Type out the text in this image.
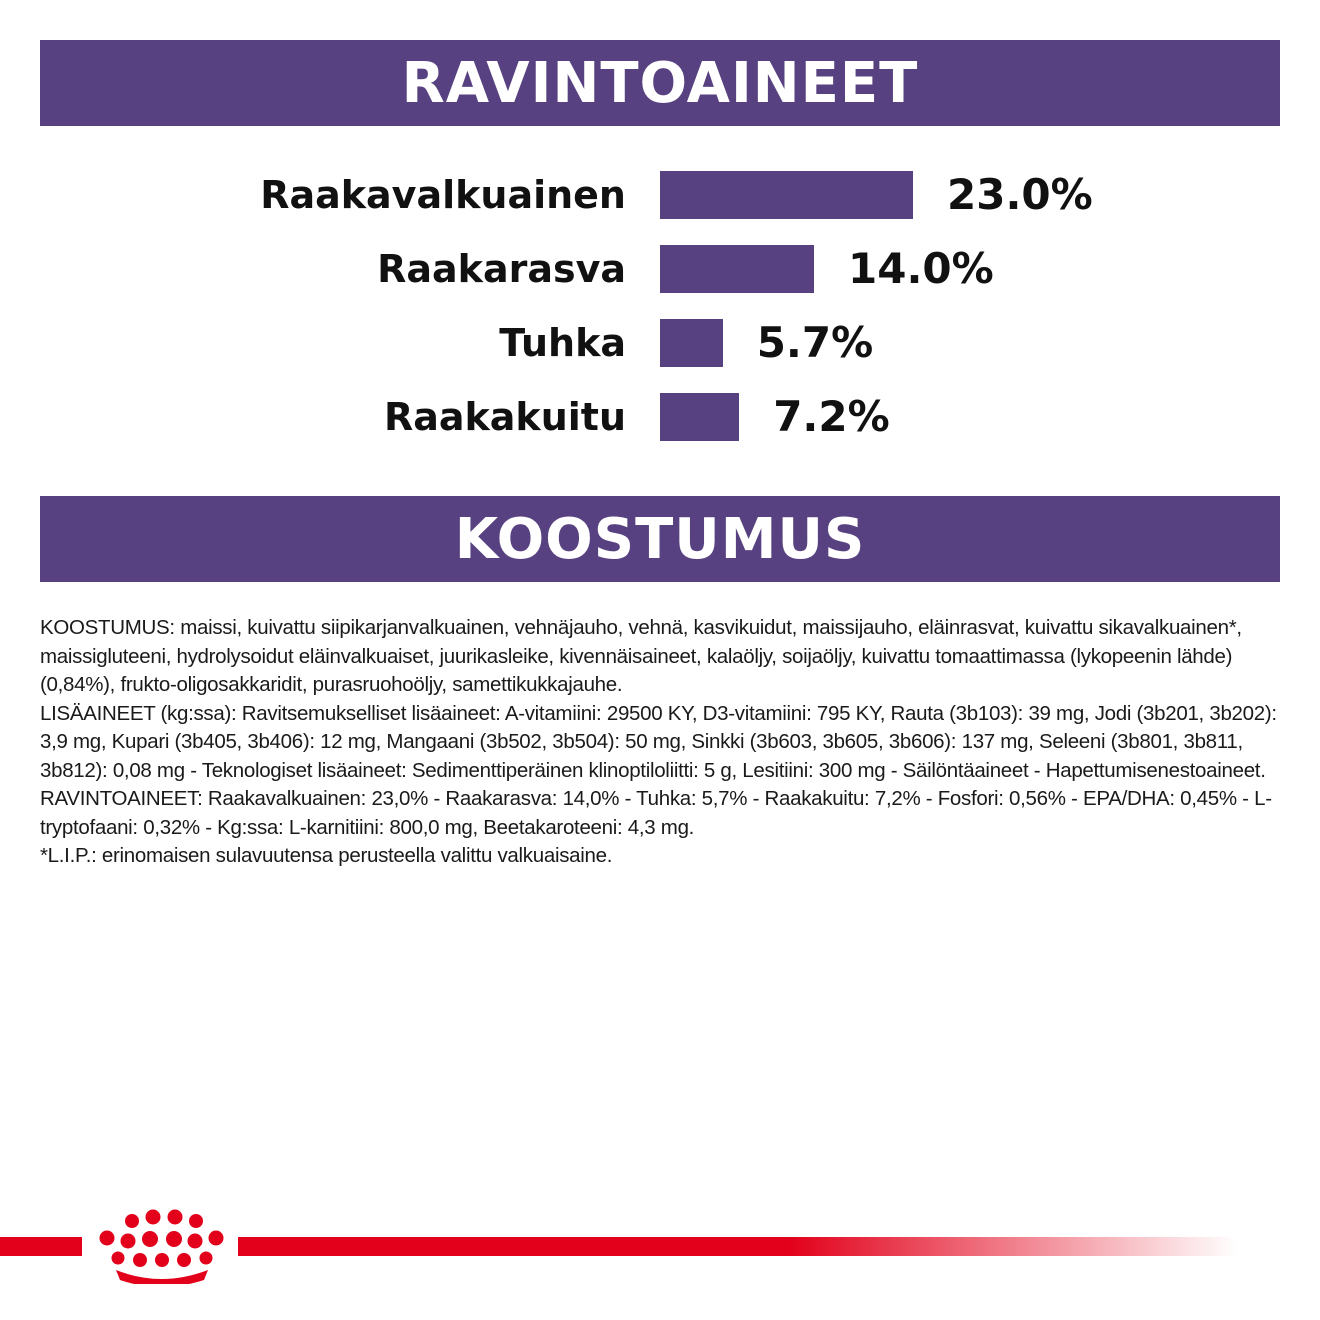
RAVINTOAINEET
Raakavalkuainen	23.0%
Raakarasva	14.0%
Tuhka	5.7%
Raakakuitu	7.2%
KOOSTUMUS

KOOSTUMUS: maissi, kuivattu siipikarjanvalkuainen, vehnäjauho, vehnä, kasvikuidut, maissijauho, eläinrasvat, kuivattu sikavalkuainen*, maissigluteeni, hydrolysoidut eläinvalkuaiset, juurikasleike, kivennäisaineet, kalaöljy, soijaöljy, kuivattu tomaattimassa (lykopeenin lähde) (0,84%), frukto-oligosakkaridit, purasruohoöljy, samettikukkajauhe.

LISÄAINEET (kg:ssa): Ravitsemukselliset lisäaineet: A-vitamiini: 29500 KY, D3-vitamiini: 795 KY, Rauta (3b103): 39 mg, Jodi (3b201, 3b202): 3,9 mg, Kupari (3b405, 3b406): 12 mg, Mangaani (3b502, 3b504): 50 mg, Sinkki (3b603, 3b605, 3b606): 137 mg, Seleeni (3b801, 3b811, 3b812): 0,08 mg - Teknologiset lisäaineet: Sedimenttiperäinen klinoptiloliitti: 5 g, Lesitiini: 300 mg - Säilöntäaineet - Hapettumisenestoaineet.

RAVINTOAINEET: Raakavalkuainen: 23,0% - Raakarasva: 14,0% - Tuhka: 5,7% - Raakakuitu: 7,2% - Fosfori: 0,56% - EPA/DHA: 0,45% - L-tryptofaani: 0,32% - Kg:ssa: L-karnitiini: 800,0 mg, Beetakaroteeni: 4,3 mg.

*L.I.P.: erinomaisen sulavuutensa perusteella valittu valkuaisaine.
